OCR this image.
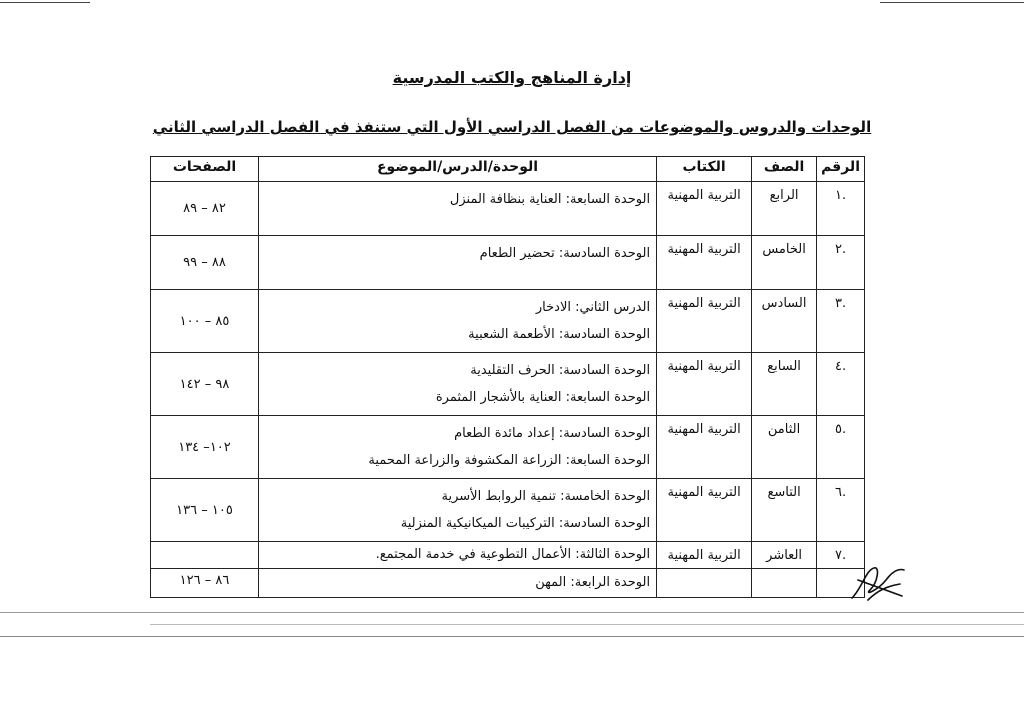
إدارة المناهج والكتب المدرسية
الوحدات والدروس والموضوعات من الفصل الدراسي الأول التي ستنفذ في الفصل الدراسي الثاني
الرقم	الصف	الكتاب	الوحدة/الدرس/الموضوع	الصفحات
.١	الرابع	التربية المهنية	الوحدة السابعة: العناية بنظافة المنزل	٨٢ – ٨٩
.٢	الخامس	التربية المهنية	الوحدة السادسة: تحضير الطعام	٨٨ – ٩٩
.٣	السادس	التربية المهنية	الدرس الثاني: الادخار
الوحدة السادسة: الأطعمة الشعبية	٨٥ – ١٠٠
.٤	السابع	التربية المهنية	الوحدة السادسة: الحرف التقليدية
الوحدة السابعة: العناية بالأشجار المثمرة	٩٨ – ١٤٢
.٥	الثامن	التربية المهنية	الوحدة السادسة: إعداد مائدة الطعام
الوحدة السابعة: الزراعة المكشوفة والزراعة المحمية	١٠٢– ١٣٤
.٦	التاسع	التربية المهنية	الوحدة الخامسة: تنمية الروابط الأسرية
الوحدة السادسة: التركيبات الميكانيكية المنزلية	١٠٥ – ١٣٦
.٧	العاشر	التربية المهنية	الوحدة الثالثة: الأعمال التطوعية في خدمة المجتمع.	

			الوحدة الرابعة: المهن	٨٦ – ١٢٦
